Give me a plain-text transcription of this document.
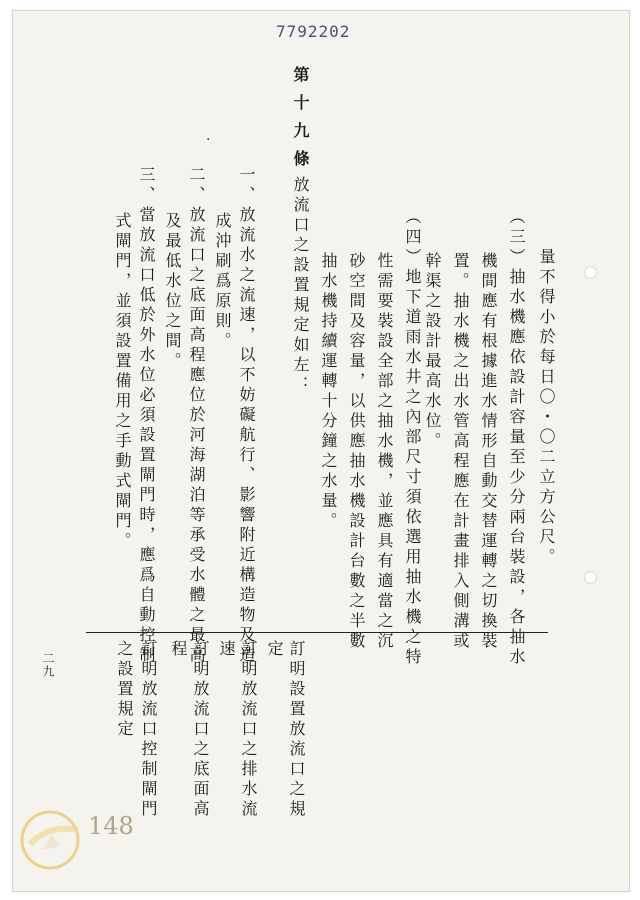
7792202
量不得小於每日〇・〇二立方公尺。
（三）抽水機應依設計容量至少分兩台裝設，各抽水
機間應有根據進水情形自動交替運轉之切換裝
置。抽水機之出水管高程應在計畫排入側溝或
幹渠之設計最高水位。
（四）地下道雨水井之內部尺寸須依選用抽水機之特
性需要裝設全部之抽水機，並應具有適當之沉
砂空間及容量，以供應抽水機設計台數之半數
抽水機持續運轉十分鐘之水量。
第十九條
放流口之設置規定如左：
一、放流水之流速，以不妨礙航行、影響附近構造物及造
成沖刷爲原則。
二、放流口之底面高程應位於河海湖泊等承受水體之最高
及最低水位之間。
三、當放流口低於外水位必須設置閘門時，應爲自動控制
式閘門，並須設置備用之手動式閘門。
·
訂明設置放流口之規
定
訂明放流口之排水流
速
訂明放流口之底面高
程
訂明放流口控制閘門
之設置規定
二九
148
